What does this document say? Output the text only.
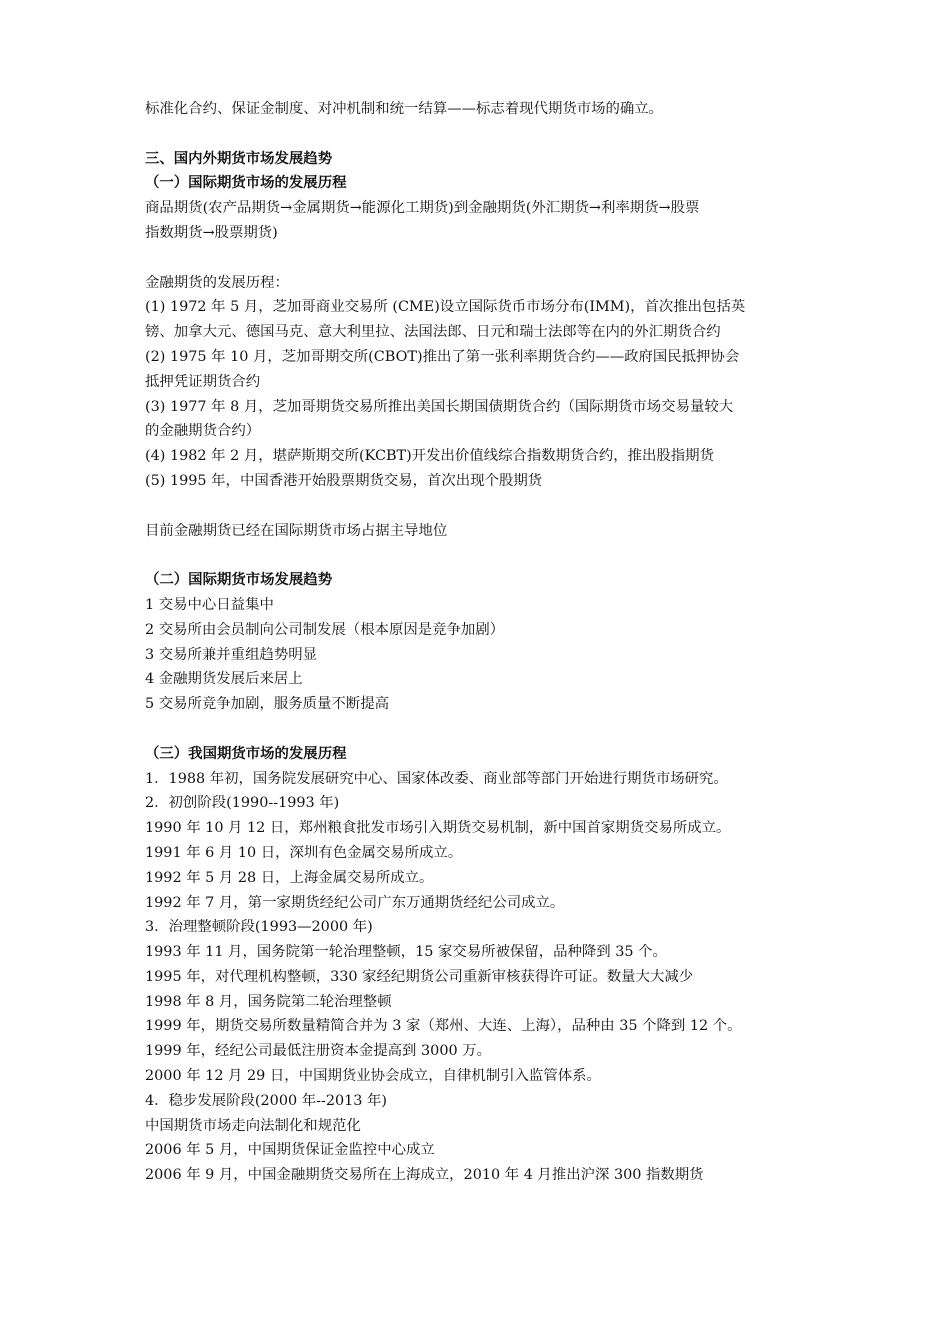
标准化合约、保证金制度、对冲机制和统一结算——标志着现代期货市场的确立。

三、国内外期货市场发展趋势

（一）国际期货市场的发展历程

商品期货(农产品期货→金属期货→能源化工期货)到金融期货(外汇期货→利率期货→股票

指数期货→股票期货)

金融期货的发展历程：

(1) 1972 年 5 月，芝加哥商业交易所 (CME)设立国际货币市场分布(IMM)，首次推出包括英

镑、加拿大元、德国马克、意大利里拉、法国法郎、日元和瑞士法郎等在内的外汇期货合约

(2) 1975 年 10 月，芝加哥期交所(CBOT)推出了第一张利率期货合约——政府国民抵押协会

抵押凭证期货合约

(3) 1977 年 8 月，芝加哥期货交易所推出美国长期国债期货合约（国际期货市场交易量较大

的金融期货合约）

(4) 1982 年 2 月，堪萨斯期交所(KCBT)开发出价值线综合指数期货合约，推出股指期货

(5) 1995 年，中国香港开始股票期货交易，首次出现个股期货

目前金融期货已经在国际期货市场占据主导地位

（二）国际期货市场发展趋势

1 交易中心日益集中

2 交易所由会员制向公司制发展（根本原因是竞争加剧）

3 交易所兼并重组趋势明显

4 金融期货发展后来居上

5 交易所竞争加剧，服务质量不断提高

（三）我国期货市场的发展历程

1．1988 年初，国务院发展研究中心、国家体改委、商业部等部门开始进行期货市场研究。

2．初创阶段(1990--1993 年)

1990 年 10 月 12 日，郑州粮食批发市场引入期货交易机制，新中国首家期货交易所成立。

1991 年 6 月 10 日，深圳有色金属交易所成立。

1992 年 5 月 28 日，上海金属交易所成立。

1992 年 7 月，第一家期货经纪公司广东万通期货经纪公司成立。

3．治理整顿阶段(1993—2000 年)

1993 年 11 月，国务院第一轮治理整顿，15 家交易所被保留，品种降到 35 个。

1995 年，对代理机构整顿，330 家经纪期货公司重新审核获得许可证。数量大大减少

1998 年 8 月，国务院第二轮治理整顿

1999 年，期货交易所数量精简合并为 3 家（郑州、大连、上海），品种由 35 个降到 12 个。

1999 年，经纪公司最低注册资本金提高到 3000 万。

2000 年 12 月 29 日，中国期货业协会成立，自律机制引入监管体系。

4．稳步发展阶段(2000 年--2013 年)

中国期货市场走向法制化和规范化

2006 年 5 月，中国期货保证金监控中心成立

2006 年 9 月，中国金融期货交易所在上海成立，2010 年 4 月推出沪深 300 指数期货
